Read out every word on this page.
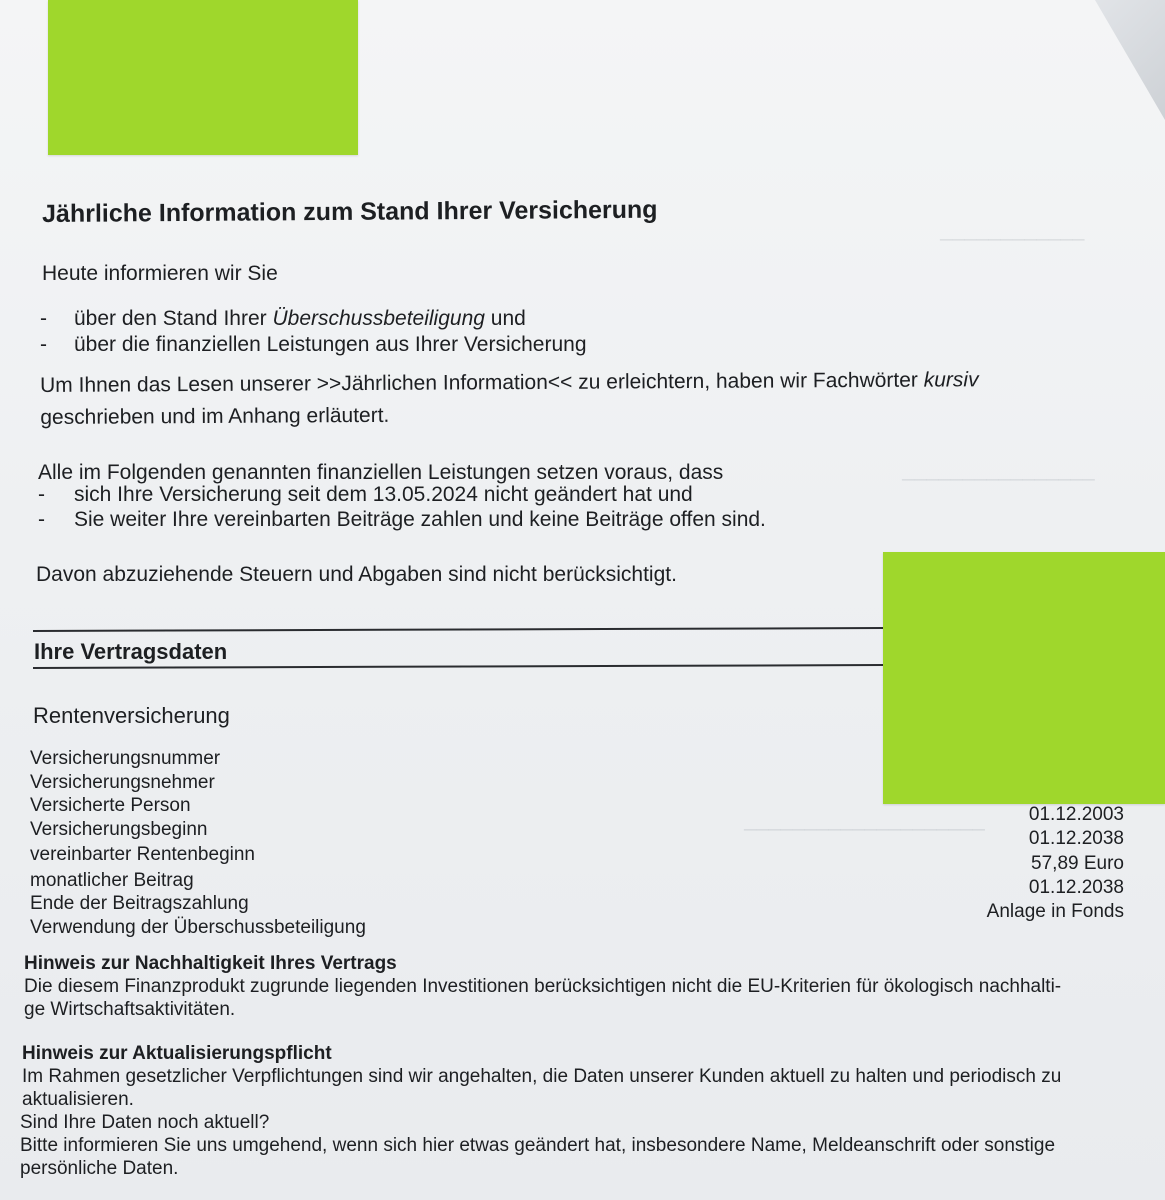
Jährliche Information zum Stand Ihrer Versicherung
Heute informieren wir Sie
- über den Stand Ihrer Überschussbeteiligung und
- über die finanziellen Leistungen aus Ihrer Versicherung
Um Ihnen das Lesen unserer >>Jährlichen Information<< zu erleichtern, haben wir Fachwörter kursiv
geschrieben und im Anhang erläutert.
Alle im Folgenden genannten finanziellen Leistungen setzen voraus, dass
- sich Ihre Versicherung seit dem 13.05.2024 nicht geändert hat und
- Sie weiter Ihre vereinbarten Beiträge zahlen und keine Beiträge offen sind.
Davon abzuziehende Steuern und Abgaben sind nicht berücksichtigt.
Ihre Vertragsdaten
Rentenversicherung
Versicherungsnummer
Versicherungsnehmer
Versicherte Person
Versicherungsbeginn
vereinbarter Rentenbeginn
monatlicher Beitrag
Ende der Beitragszahlung
Verwendung der Überschussbeteiligung
01.12.2003
01.12.2038
57,89 Euro
01.12.2038
Anlage in Fonds
Hinweis zur Nachhaltigkeit Ihres Vertrags
Die diesem Finanzprodukt zugrunde liegenden Investitionen berücksichtigen nicht die EU-Kriterien für ökologisch nachhalti-
ge Wirtschaftsaktivitäten.
Hinweis zur Aktualisierungspflicht
Im Rahmen gesetzlicher Verpflichtungen sind wir angehalten, die Daten unserer Kunden aktuell zu halten und periodisch zu
aktualisieren.
Sind Ihre Daten noch aktuell?
Bitte informieren Sie uns umgehend, wenn sich hier etwas geändert hat, insbesondere Name, Meldeanschrift oder sonstige
persönliche Daten.
────────────
────────────────
────────────────────
